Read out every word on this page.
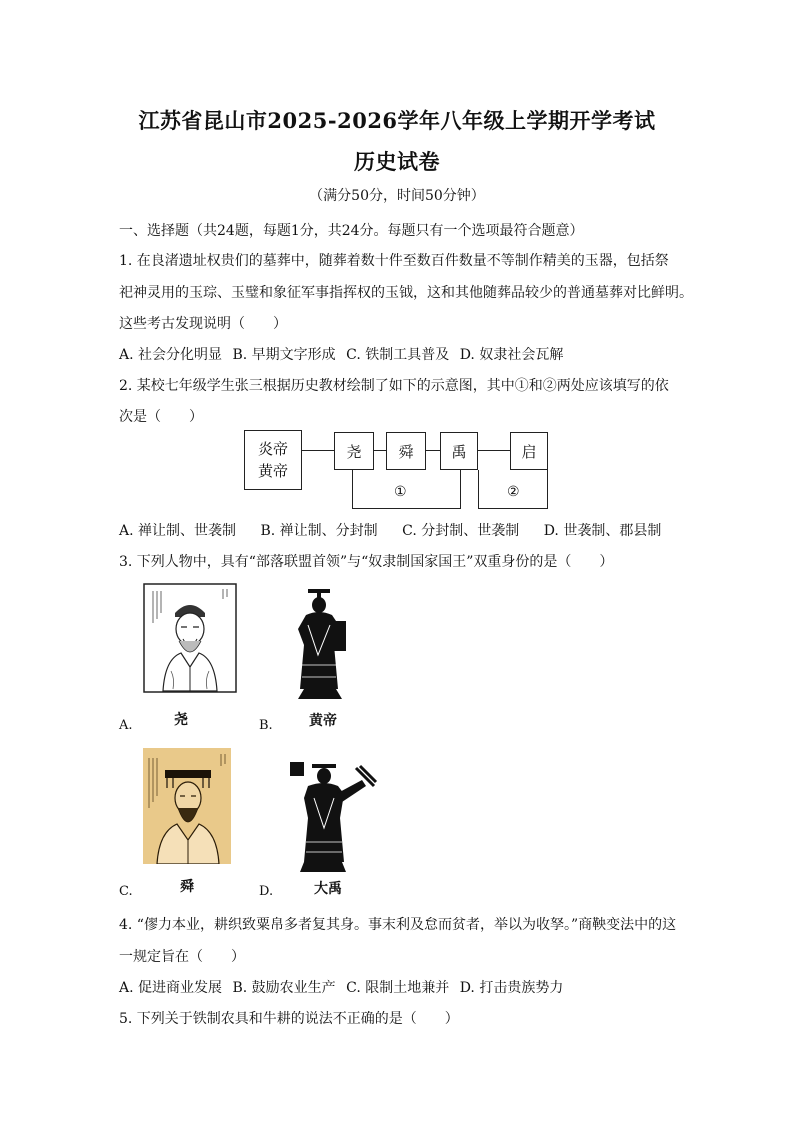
江苏省昆山市2025-2026学年八年级上学期开学考试
历史试卷
（满分50分，时间50分钟）
一、选择题（共24题，每题1分，共24分。每题只有一个选项最符合题意）
1. 在良渚遗址权贵们的墓葬中，随葬着数十件至数百件数量不等制作精美的玉器，包括祭
祀神灵用的玉琮、玉璧和象征军事指挥权的玉钺，这和其他随葬品较少的普通墓葬对比鲜明。
这些考古发现说明（　　）
A. 社会分化明显 B. 早期文字形成 C. 铁制工具普及 D. 奴隶社会瓦解
2. 某校七年级学生张三根据历史教材绘制了如下的示意图，其中①和②两处应该填写的依
次是（　　）
炎帝
黄帝
尧	舜	禹	启
①	②
A. 禅让制、世袭制 B. 禅让制、分封制 C. 分封制、世袭制 D. 世袭制、郡县制
3. 下列人物中，具有“部落联盟首领”与“奴隶制国家国王”双重身份的是（　　）
A.	尧	B.	黄帝
C.	舜	D.	大禹
4. “僇力本业，耕织致粟帛多者复其身。事末利及怠而贫者，举以为收孥。”商鞅变法中的这
一规定旨在（　　）
A. 促进商业发展 B. 鼓励农业生产 C. 限制土地兼并 D. 打击贵族势力
5. 下列关于铁制农具和牛耕的说法不正确的是（　　）
